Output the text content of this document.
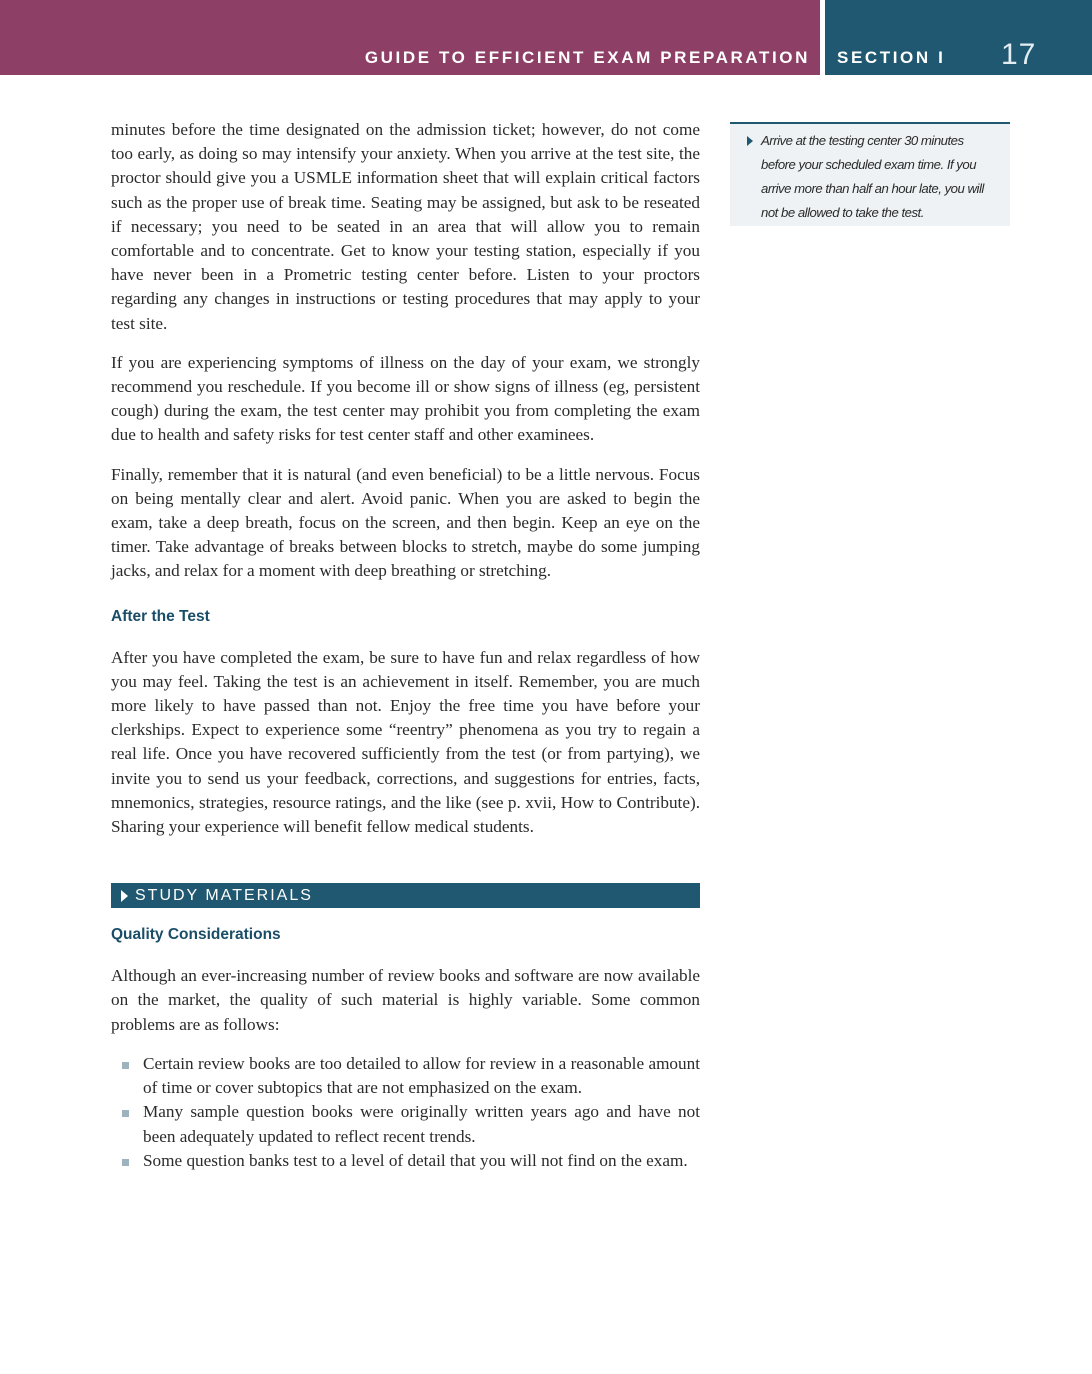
GUIDE TO EFFICIENT EXAM PREPARATION SECTION I 17
Arrive at the testing center 30 minutes before your scheduled exam time. If you arrive more than half an hour late, you will not be allowed to take the test.

minutes before the time designated on the admission ticket; however, do not come too early, as doing so may intensify your anxiety. When you arrive at the test site, the proctor should give you a USMLE information sheet that will explain critical factors such as the proper use of break time. Seating may be assigned, but ask to be reseated if necessary; you need to be seated in an area that will allow you to remain comfortable and to concentrate. Get to know your testing station, especially if you have never been in a Prometric testing center before. Listen to your proctors regarding any changes in instructions or testing procedures that may apply to your test site.

If you are experiencing symptoms of illness on the day of your exam, we strongly recommend you reschedule. If you become ill or show signs of illness (eg, persistent cough) during the exam, the test center may prohibit you from completing the exam due to health and safety risks for test center staff and other examinees.

Finally, remember that it is natural (and even beneficial) to be a little nervous. Focus on being mentally clear and alert. Avoid panic. When you are asked to begin the exam, take a deep breath, focus on the screen, and then begin. Keep an eye on the timer. Take advantage of breaks between blocks to stretch, maybe do some jumping jacks, and relax for a moment with deep breathing or stretching.

After the Test

After you have completed the exam, be sure to have fun and relax regardless of how you may feel. Taking the test is an achievement in itself. Remember, you are much more likely to have passed than not. Enjoy the free time you have before your clerkships. Expect to experience some “reentry” phenomena as you try to regain a real life. Once you have recovered sufficiently from the test (or from partying), we invite you to send us your feedback, corrections, and suggestions for entries, facts, mnemonics, strategies, resource ratings, and the like (see p. xvii, How to Contribute). Sharing your experience will benefit fellow medical students.

STUDY MATERIALS
Quality Considerations

Although an ever-increasing number of review books and software are now available on the market, the quality of such material is highly variable. Some common problems are as follows:

Certain review books are too detailed to allow for review in a reasonable amount of time or cover subtopics that are not emphasized on the exam.
Many sample question books were originally written years ago and have not been adequately updated to reflect recent trends.
Some question banks test to a level of detail that you will not find on the exam.
